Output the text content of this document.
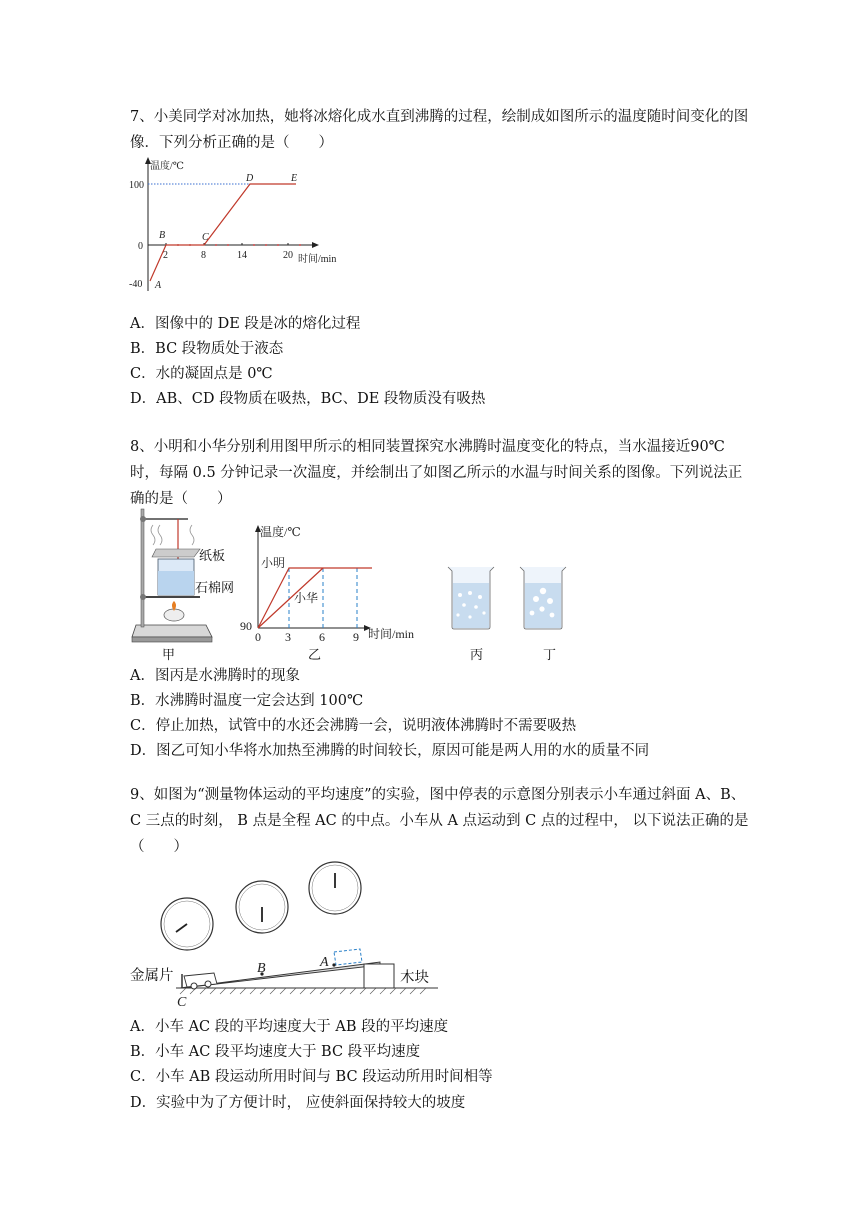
7、小美同学对冰加热，她将冰熔化成水直到沸腾的过程，绘制成如图所示的温度随时间变化的图像．下列分析正确的是（　　）
温度/℃
时间/min
100
0
-40
2	8	14	20
A
B	C
D	E
A．图像中的 DE 段是冰的熔化过程
B．BC 段物质处于液态
C．水的凝固点是 0℃
D．AB、CD 段物质在吸热，BC、DE 段物质没有吸热
8、小明和小华分别利用图甲所示的相同装置探究水沸腾时温度变化的特点，当水温接近90℃时，每隔 0.5 分钟记录一次温度，并绘制出了如图乙所示的水温与时间关系的图像。下列说法正确的是（　　）
纸板
石棉网
甲
温度/℃
时间/min
90
0 3 6 9
小明
小华
乙	丙	丁
A．图丙是水沸腾时的现象
B．水沸腾时温度一定会达到 100℃
C．停止加热，试管中的水还会沸腾一会，说明液体沸腾时不需要吸热
D．图乙可知小华将水加热至沸腾的时间较长，原因可能是两人用的水的质量不同
9、如图为“测量物体运动的平均速度”的实验，图中停表的示意图分别表示小车通过斜面 A、B、C 三点的时刻， B 点是全程 AC 的中点。小车从 A 点运动到 C 点的过程中， 以下说法正确的是（　　）
B	A
C
金属片	木块
A．小车 AC 段的平均速度大于 AB 段的平均速度
B．小车 AC 段平均速度大于 BC 段平均速度
C．小车 AB 段运动所用时间与 BC 段运动所用时间相等
D．实验中为了方便计时， 应使斜面保持较大的坡度
